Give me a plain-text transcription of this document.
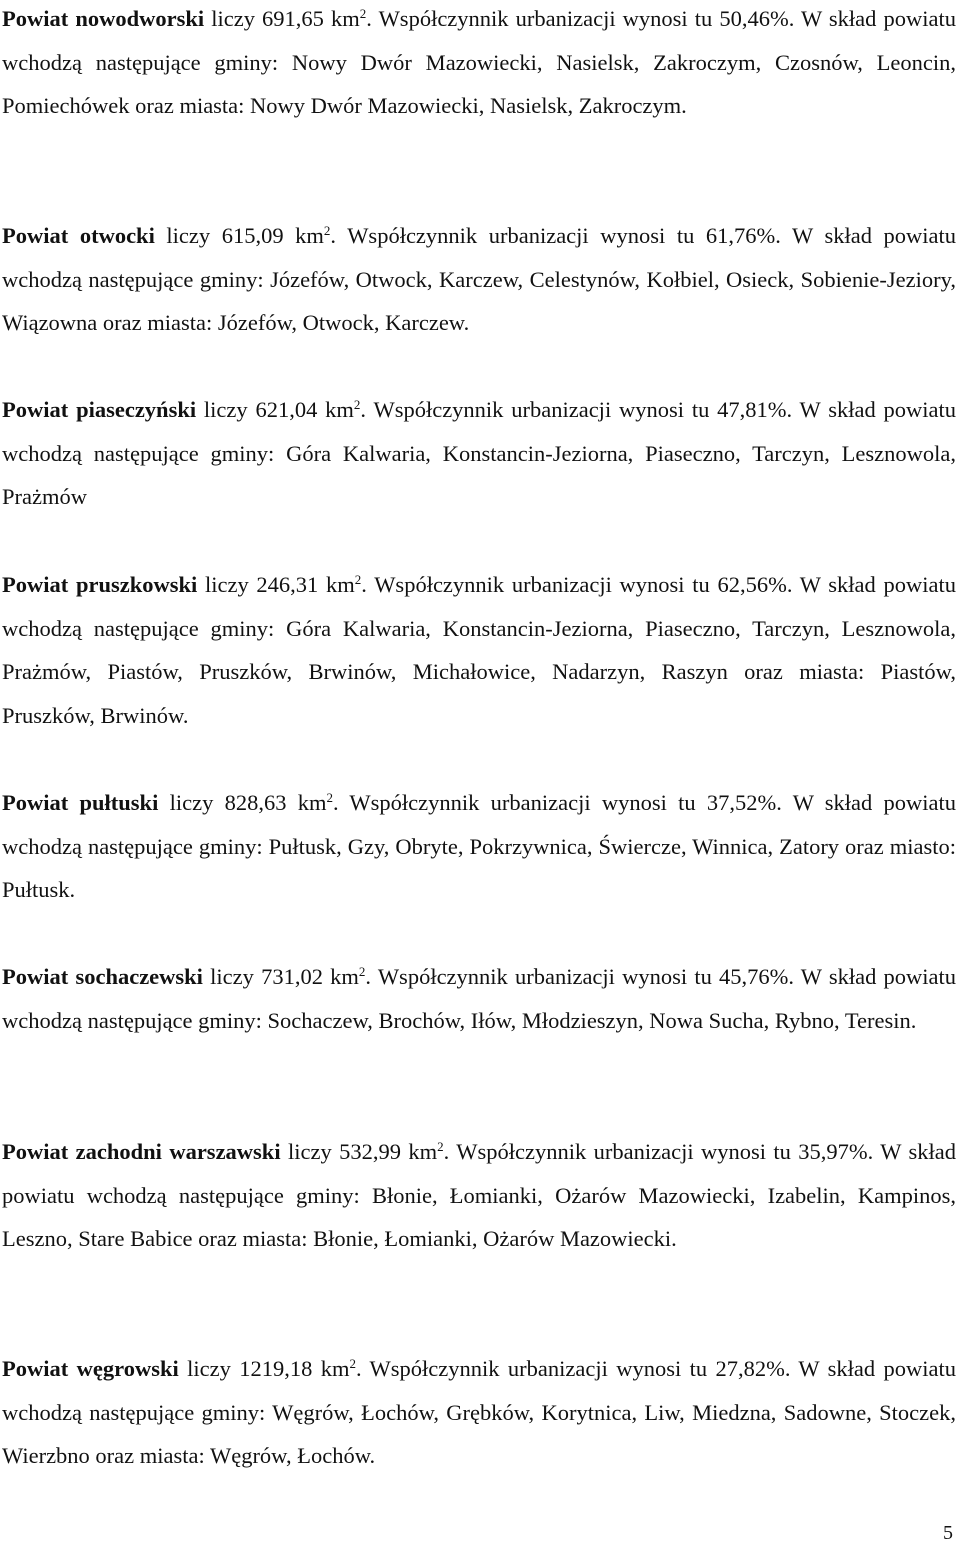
Powiat nowodworski liczy 691,65 $km^2$. Współczynnik urbanizacji wynosi tu 50,46%. W skład powiatu wchodzą następujące gminy: Nowy Dwór Mazowiecki, Nasielsk, Zakroczym, Czosnów, Leoncin, Pomiechówek oraz miasta: Nowy Dwór Mazowiecki, Nasielsk, Zakroczym.

Powiat otwocki liczy 615,09 $km^2$. Współczynnik urbanizacji wynosi tu 61,76%. W skład powiatu wchodzą następujące gminy: Józefów, Otwock, Karczew, Celestynów, Kołbiel, Osieck, Sobienie-Jeziory, Wiązowna oraz miasta: Józefów, Otwock, Karczew.

Powiat piaseczyński liczy 621,04 $km^2$. Współczynnik urbanizacji wynosi tu 47,81%. W skład powiatu wchodzą następujące gminy: Góra Kalwaria, Konstancin-Jeziorna, Piaseczno, Tarczyn, Lesznowola, Prażmów

Powiat pruszkowski liczy 246,31 $km^2$. Współczynnik urbanizacji wynosi tu 62,56%. W skład powiatu wchodzą następujące gminy: Góra Kalwaria, Konstancin-Jeziorna, Piaseczno, Tarczyn, Lesznowola, Prażmów, Piastów, Pruszków, Brwinów, Michałowice, Nadarzyn, Raszyn oraz miasta: Piastów, Pruszków, Brwinów.

Powiat pułtuski liczy 828,63 $km^2$. Współczynnik urbanizacji wynosi tu 37,52%. W skład powiatu wchodzą następujące gminy: Pułtusk, Gzy, Obryte, Pokrzywnica, Świercze, Winnica, Zatory oraz miasto: Pułtusk.

Powiat sochaczewski liczy 731,02 $km^2$. Współczynnik urbanizacji wynosi tu 45,76%. W skład powiatu wchodzą następujące gminy: Sochaczew, Brochów, Iłów, Młodzieszyn, Nowa Sucha, Rybno, Teresin.

Powiat zachodni warszawski liczy 532,99 $km^2$. Współczynnik urbanizacji wynosi tu 35,97%. W skład powiatu wchodzą następujące gminy: Błonie, Łomianki, Ożarów Mazowiecki, Izabelin, Kampinos, Leszno, Stare Babice oraz miasta: Błonie, Łomianki, Ożarów Mazowiecki.

Powiat węgrowski liczy 1219,18 $km^2$. Współczynnik urbanizacji wynosi tu 27,82%. W skład powiatu wchodzą następujące gminy: Węgrów, Łochów, Grębków, Korytnica, Liw, Miedzna, Sadowne, Stoczek, Wierzbno oraz miasta: Węgrów, Łochów.

5
